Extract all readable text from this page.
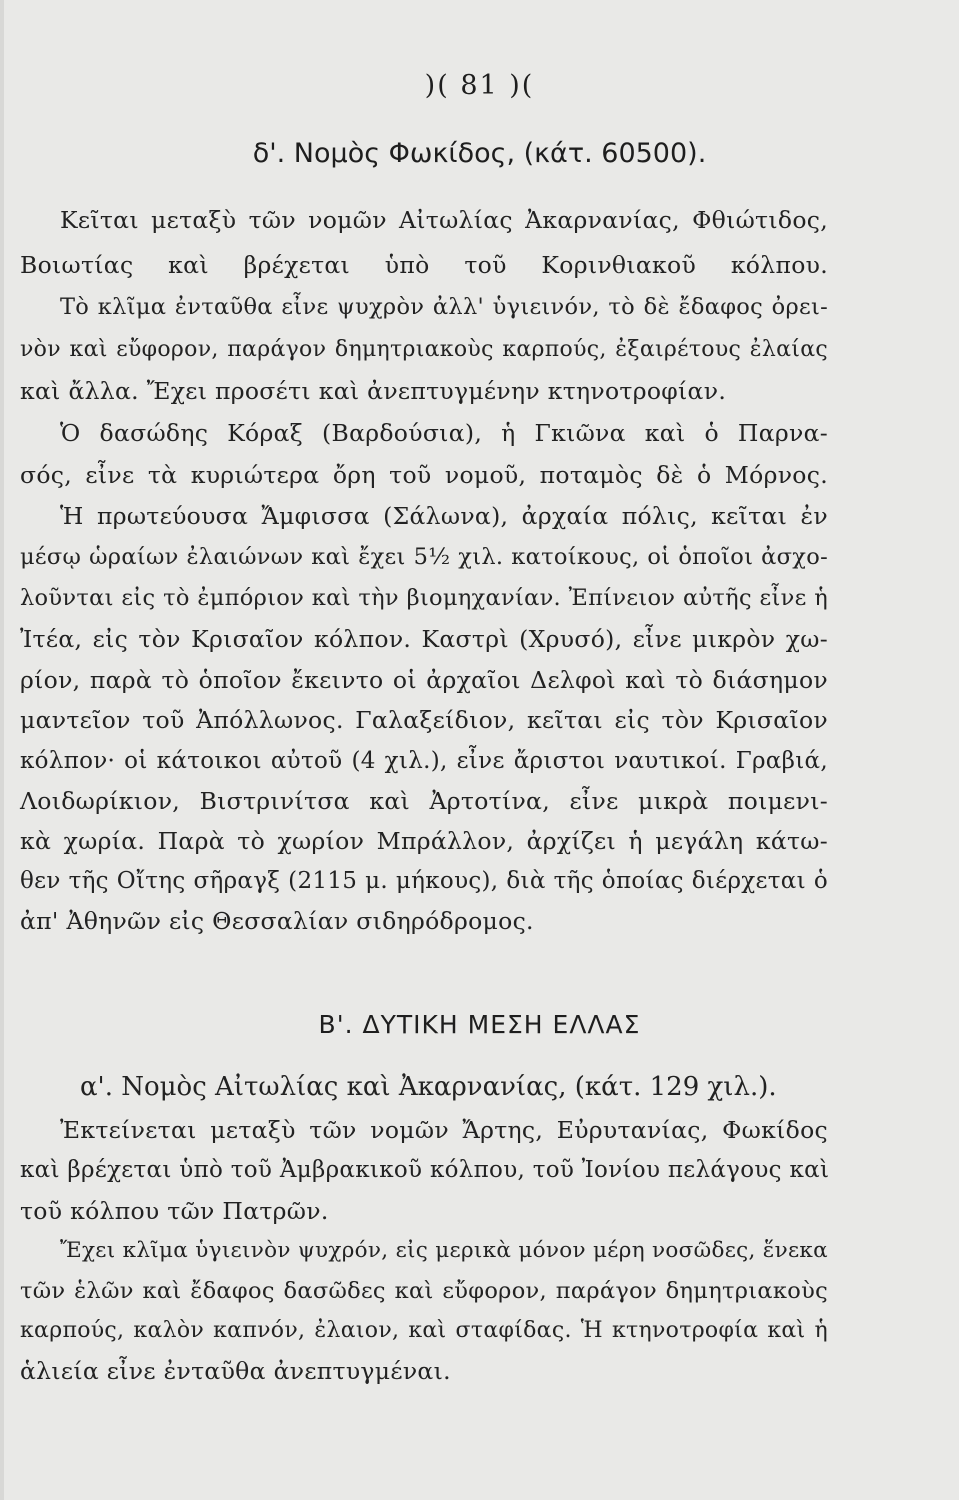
)( 81 )(
δ'. Νομὸς Φωκίδος, (κάτ. 60500).
Κεῖται μεταξὺ τῶν νομῶν Αἰτωλίας Ἀκαρνανίας, Φθιώτιδος,
Βοιωτίας καὶ βρέχεται ὑπὸ τοῦ Κορινθιακοῦ κόλπου.
Τὸ κλῖμα ἐνταῦθα εἶνε ψυχρὸν ἀλλ' ὑγιεινόν, τὸ δὲ ἔδαφος ὀρει-
νὸν καὶ εὔφορον, παράγον δημητριακοὺς καρπούς, ἐξαιρέτους ἐλαίας
καὶ ἄλλα. Ἔχει προσέτι καὶ ἀνεπτυγμένην κτηνοτροφίαν.
Ὁ δασώδης Κόραξ (Βαρδούσια), ἡ Γκιῶνα καὶ ὁ Παρνα-
σός, εἶνε τὰ κυριώτερα ὄρη τοῦ νομοῦ, ποταμὸς δὲ ὁ Μόρνος.
Ἡ πρωτεύουσα Ἄμφισσα (Σάλωνα), ἀρχαία πόλις, κεῖται ἐν
μέσῳ ὡραίων ἐλαιώνων καὶ ἔχει 5½ χιλ. κατοίκους, οἱ ὁποῖοι ἀσχο-
λοῦνται εἰς τὸ ἐμπόριον καὶ τὴν βιομηχανίαν. Ἐπίνειον αὐτῆς εἶνε ἡ
Ἰτέα, εἰς τὸν Κρισαῖον κόλπον. Καστρὶ (Χρυσό), εἶνε μικρὸν χω-
ρίον, παρὰ τὸ ὁποῖον ἔκειντο οἱ ἀρχαῖοι Δελφοὶ καὶ τὸ διάσημον
μαντεῖον τοῦ Ἀπόλλωνος. Γαλαξείδιον, κεῖται εἰς τὸν Κρισαῖον
κόλπον· οἱ κάτοικοι αὐτοῦ (4 χιλ.), εἶνε ἄριστοι ναυτικοί. Γραβιά,
Λοιδωρίκιον, Βιστρινίτσα καὶ Ἀρτοτίνα, εἶνε μικρὰ ποιμενι-
κὰ χωρία. Παρὰ τὸ χωρίον Μπράλλον, ἀρχίζει ἡ μεγάλη κάτω-
θεν τῆς Οἴτης σῆραγξ (2115 μ. μήκους), διὰ τῆς ὁποίας διέρχεται ὁ
ἀπ' Ἀθηνῶν εἰς Θεσσαλίαν σιδηρόδρομος.
Β'. ΔΥΤΙΚΗ ΜΕΣΗ ΕΛΛΑΣ
α'. Νομὸς Αἰτωλίας καὶ Ἀκαρνανίας, (κάτ. 129 χιλ.).
Ἐκτείνεται μεταξὺ τῶν νομῶν Ἄρτης, Εὐρυτανίας, Φωκίδος
καὶ βρέχεται ὑπὸ τοῦ Ἀμβρακικοῦ κόλπου, τοῦ Ἰονίου πελάγους καὶ
τοῦ κόλπου τῶν Πατρῶν.
Ἔχει κλῖμα ὑγιεινὸν ψυχρόν, εἰς μερικὰ μόνον μέρη νοσῶδες, ἕνεκα
τῶν ἑλῶν καὶ ἔδαφος δασῶδες καὶ εὔφορον, παράγον δημητριακοὺς
καρπούς, καλὸν καπνόν, ἐλαιον, καὶ σταφίδας. Ἡ κτηνοτροφία καὶ ἡ
ἁλιεία εἶνε ἐνταῦθα ἀνεπτυγμέναι.
